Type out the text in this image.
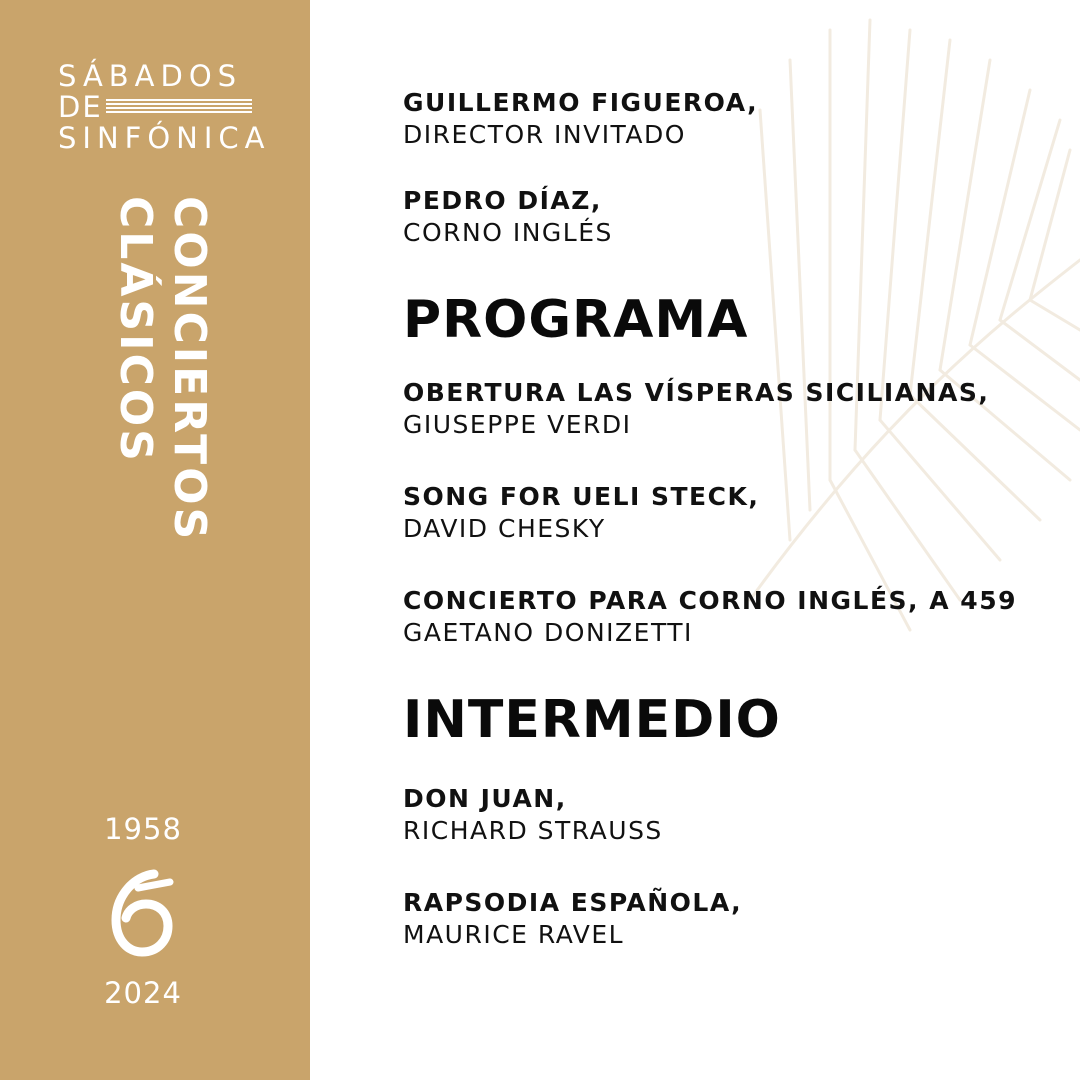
SÁBADOS
DE
SINFÓNICA
CONCIERTOS
CLÁSICOS
1958
2024
GUILLERMO FIGUEROA,
DIRECTOR INVITADO
PEDRO DÍAZ,
CORNO INGLÉS
PROGRAMA
OBERTURA LAS VÍSPERAS SICILIANAS,
GIUSEPPE VERDI
SONG FOR UELI STECK,
DAVID CHESKY
CONCIERTO PARA CORNO INGLÉS, A 459
GAETANO DONIZETTI
INTERMEDIO
DON JUAN,
RICHARD STRAUSS
RAPSODIA ESPAÑOLA,
MAURICE RAVEL
